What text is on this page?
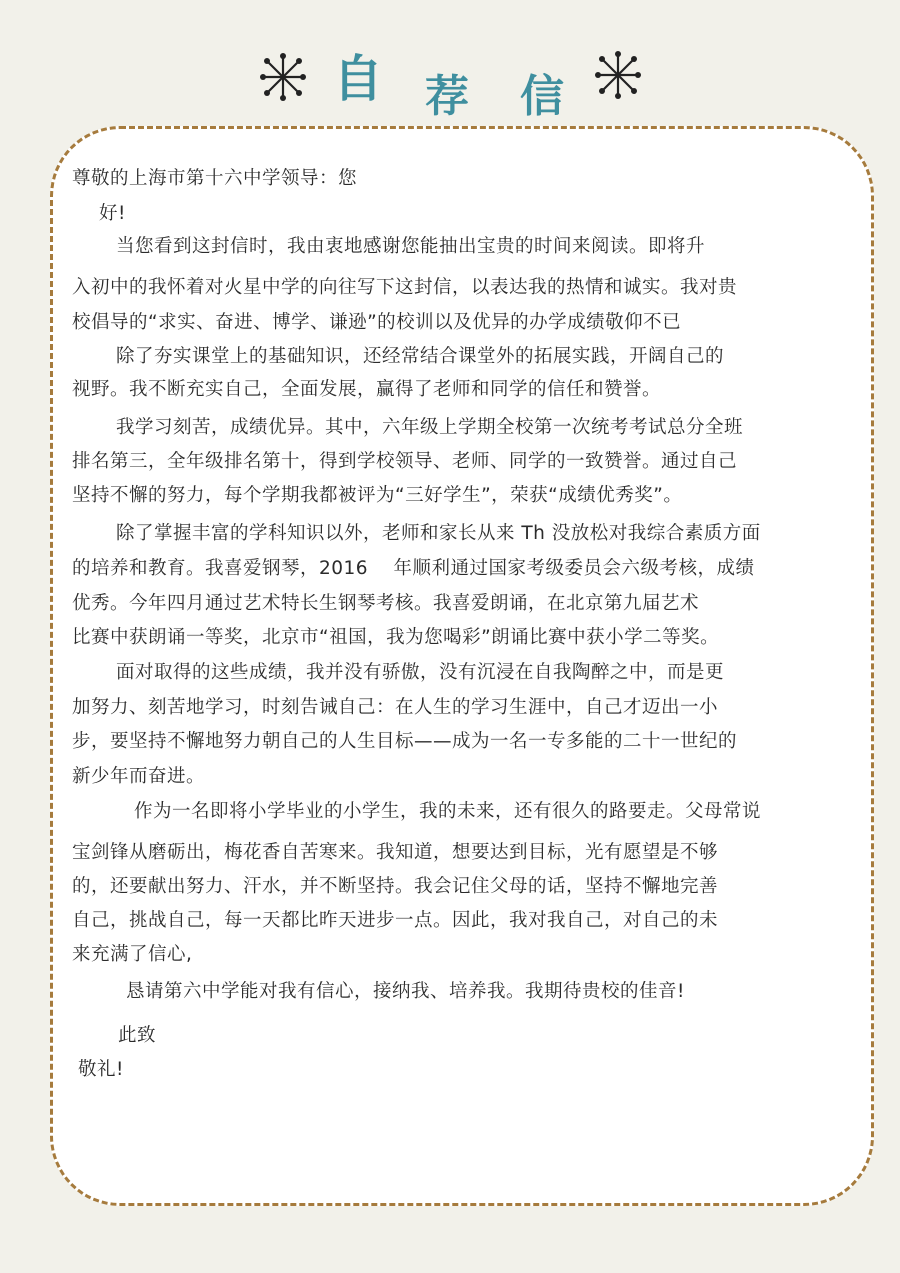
自 荐 信
尊敬的上海市第十六中学领导：您
好!
当您看到这封信时，我由衷地感谢您能抽出宝贵的时间来阅读。即将升
入初中的我怀着对火星中学的向往写下这封信，以表达我的热情和诚实。我对贵
校倡导的“求实、奋进、博学、谦逊”的校训以及优异的办学成绩敬仰不已
除了夯实课堂上的基础知识，还经常结合课堂外的拓展实践，开阔自己的
视野。我不断充实自己，全面发展，赢得了老师和同学的信任和赞誉。
我学习刻苦，成绩优异。其中，六年级上学期全校第一次统考考试总分全班
排名第三，全年级排名第十，得到学校领导、老师、同学的一致赞誉。通过自己
坚持不懈的努力，每个学期我都被评为“三好学生”，荣获“成绩优秀奖”。
除了掌握丰富的学科知识以外，老师和家长从来 Th 没放松对我综合素质方面
的培养和教育。我喜爱钢琴，2016　 年顺利通过国家考级委员会六级考核，成绩
优秀。今年四月通过艺术特长生钢琴考核。我喜爱朗诵，在北京第九届艺术
比赛中获朗诵一等奖，北京市“祖国，我为您喝彩”朗诵比赛中获小学二等奖。
面对取得的这些成绩，我并没有骄傲，没有沉浸在自我陶醉之中，而是更
加努力、刻苦地学习，时刻告诫自己：在人生的学习生涯中，自己才迈出一小
步，要坚持不懈地努力朝自己的人生目标——成为一名一专多能的二十一世纪的
新少年而奋进。
作为一名即将小学毕业的小学生，我的未来，还有很久的路要走。父母常说
宝剑锋从磨砺出，梅花香自苦寒来。我知道，想要达到目标，光有愿望是不够
的，还要献出努力、汗水，并不断坚持。我会记住父母的话，坚持不懈地完善
自己，挑战自己，每一天都比昨天进步一点。因此，我对我自己，对自己的未
来充满了信心,
恳请第六中学能对我有信心，接纳我、培养我。我期待贵校的佳音!
此致
敬礼!
